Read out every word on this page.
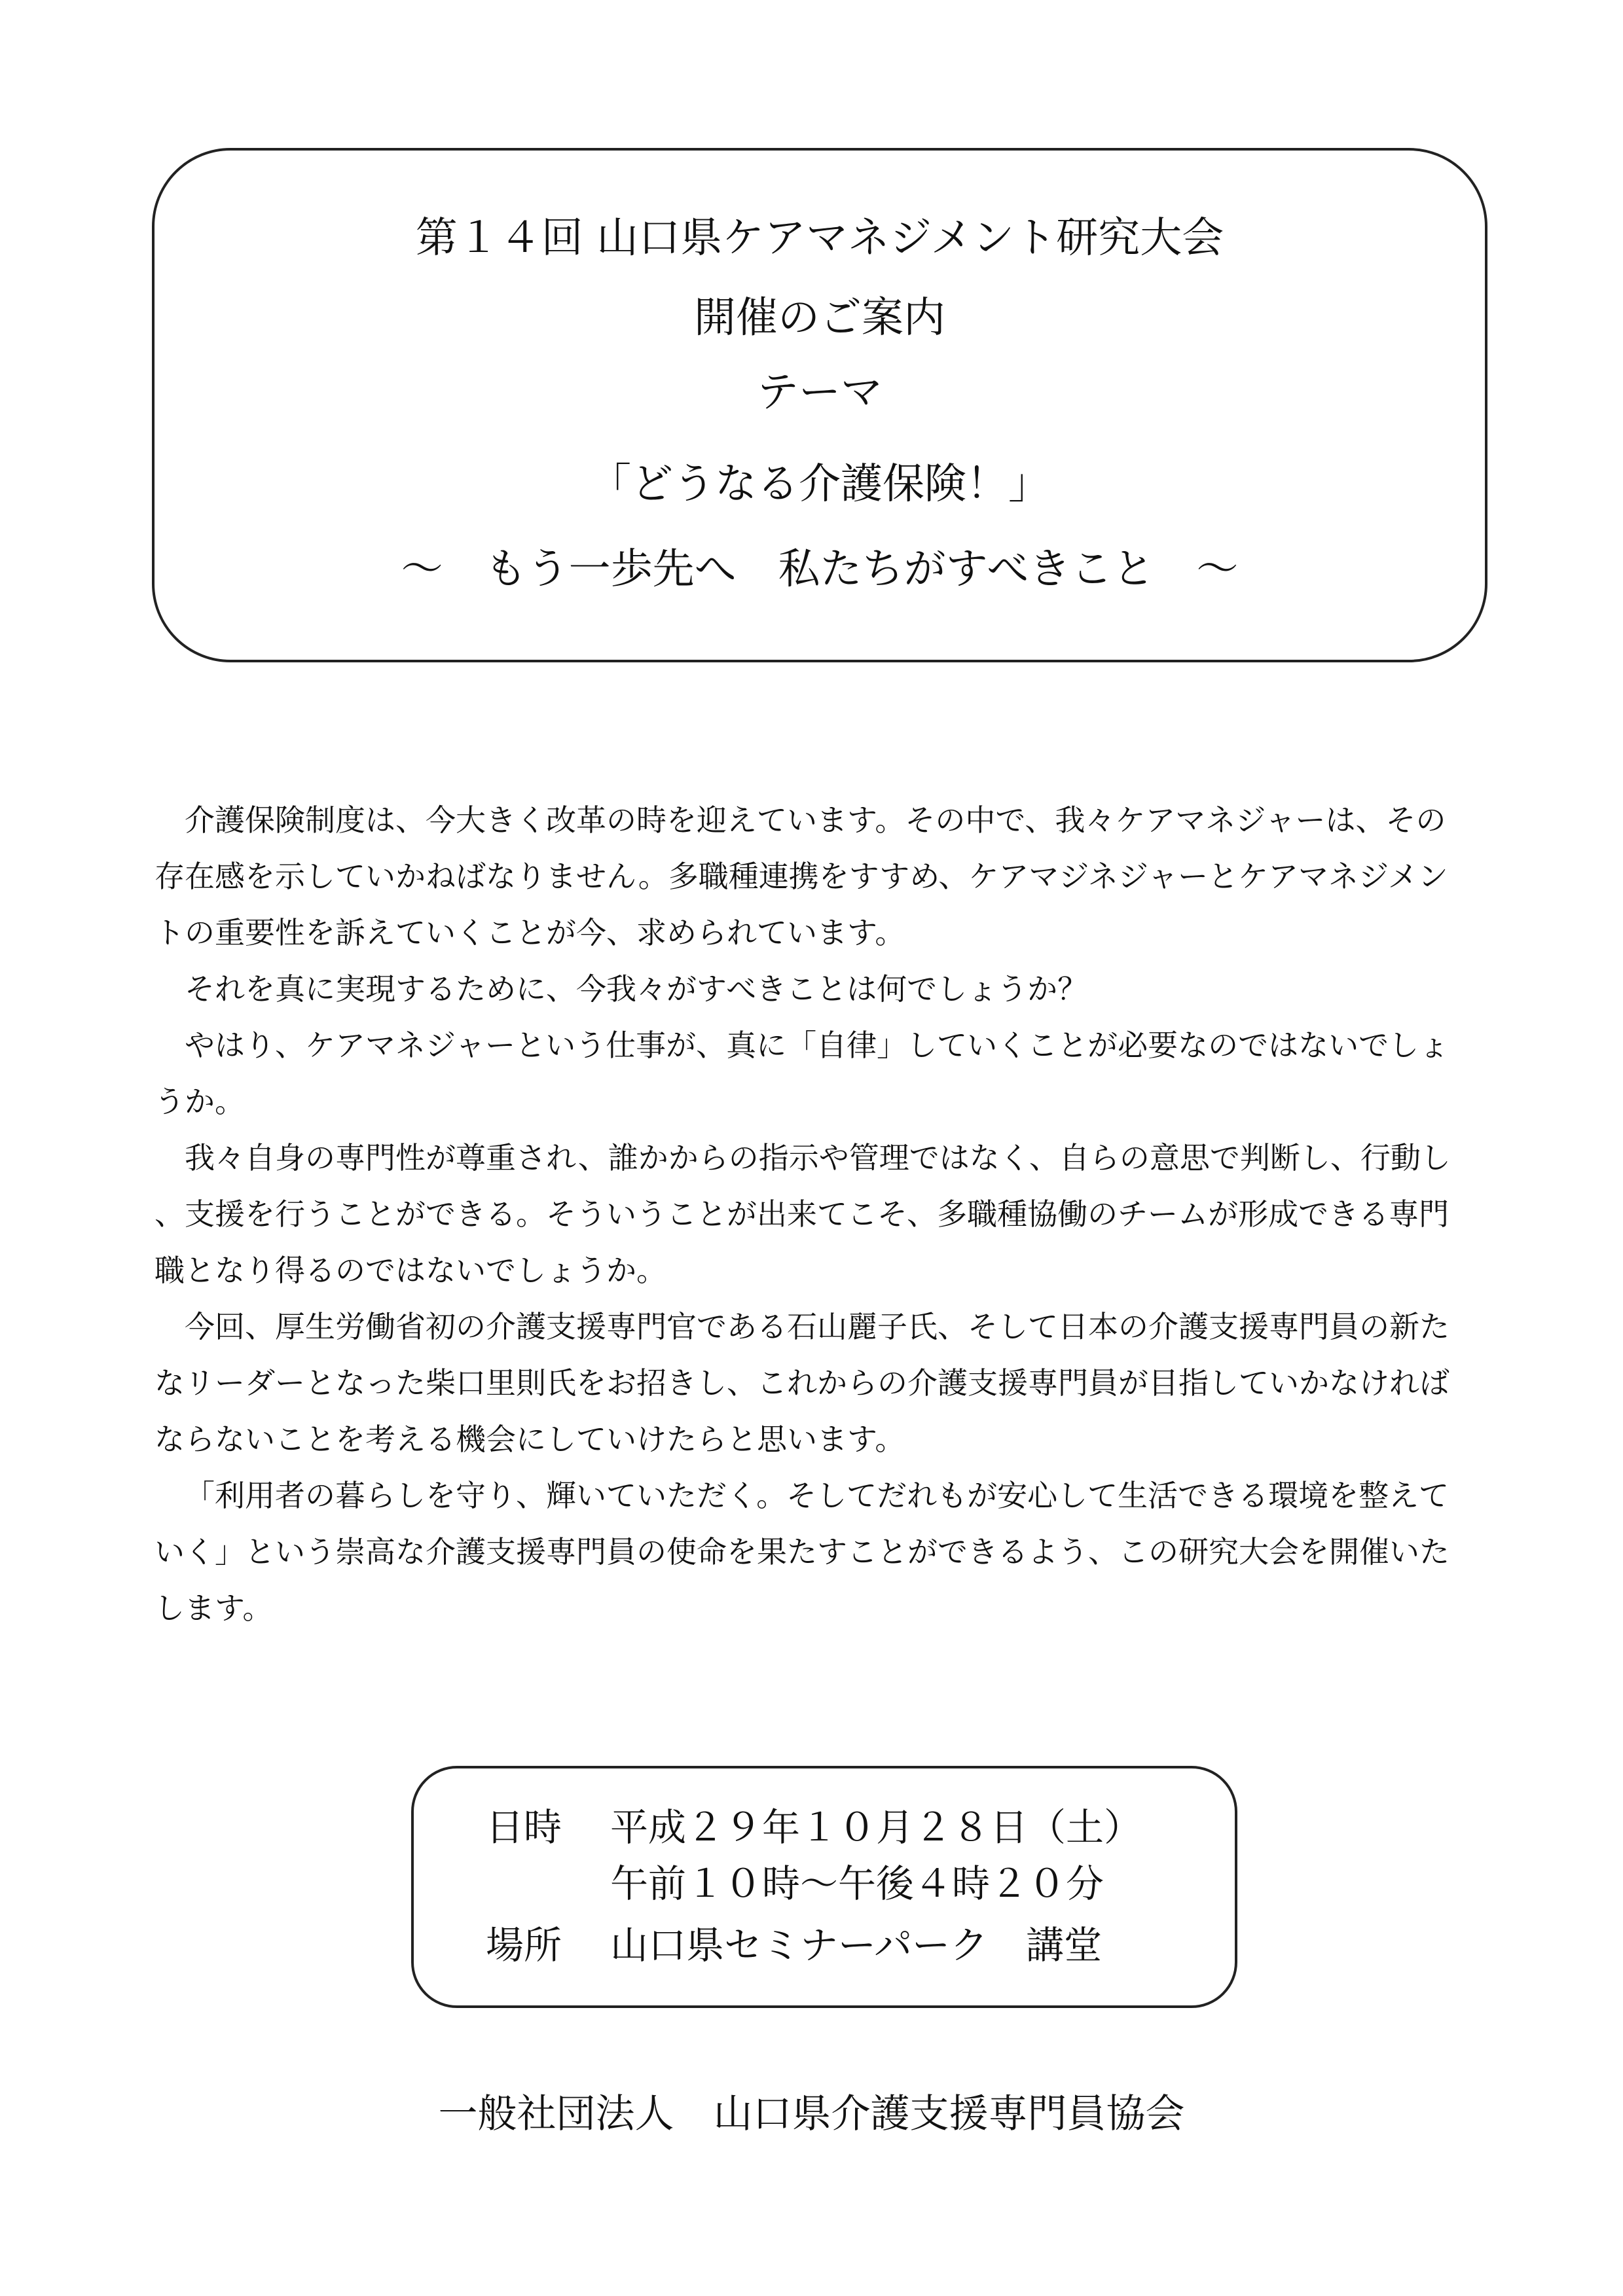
第１４回 山口県ケアマネジメント研究大会
開催のご案内
テーマ
「どうなる介護保険！」
～　もう一歩先へ　私たちがすべきこと　～

介護保険制度は、今大きく改革の時を迎えています。その中で、我々ケアマネジャーは、その存在感を示していかねばなりません。多職種連携をすすめ、ケアマジネジャーとケアマネジメントの重要性を訴えていくことが今、求められています。

それを真に実現するために、今我々がすべきことは何でしょうか？

やはり、ケアマネジャーという仕事が、真に「自律」していくことが必要なのではないでしょうか。

我々自身の専門性が尊重され、誰かからの指示や管理ではなく、自らの意思で判断し、行動し、支援を行うことができる。そういうことが出来てこそ、多職種協働のチームが形成できる専門職となり得るのではないでしょうか。

今回、厚生労働省初の介護支援専門官である石山麗子氏、そして日本の介護支援専門員の新たなリーダーとなった柴口里則氏をお招きし、これからの介護支援専門員が目指していかなければならないことを考える機会にしていけたらと思います。

「利用者の暮らしを守り、輝いていただく。そしてだれもが安心して生活できる環境を整えていく」という崇高な介護支援専門員の使命を果たすことができるよう、この研究大会を開催いたします。

日時 平成２９年１０月２８日（土）
午前１０時～午後４時２０分
場所 山口県セミナーパーク　講堂
一般社団法人　山口県介護支援専門員協会
